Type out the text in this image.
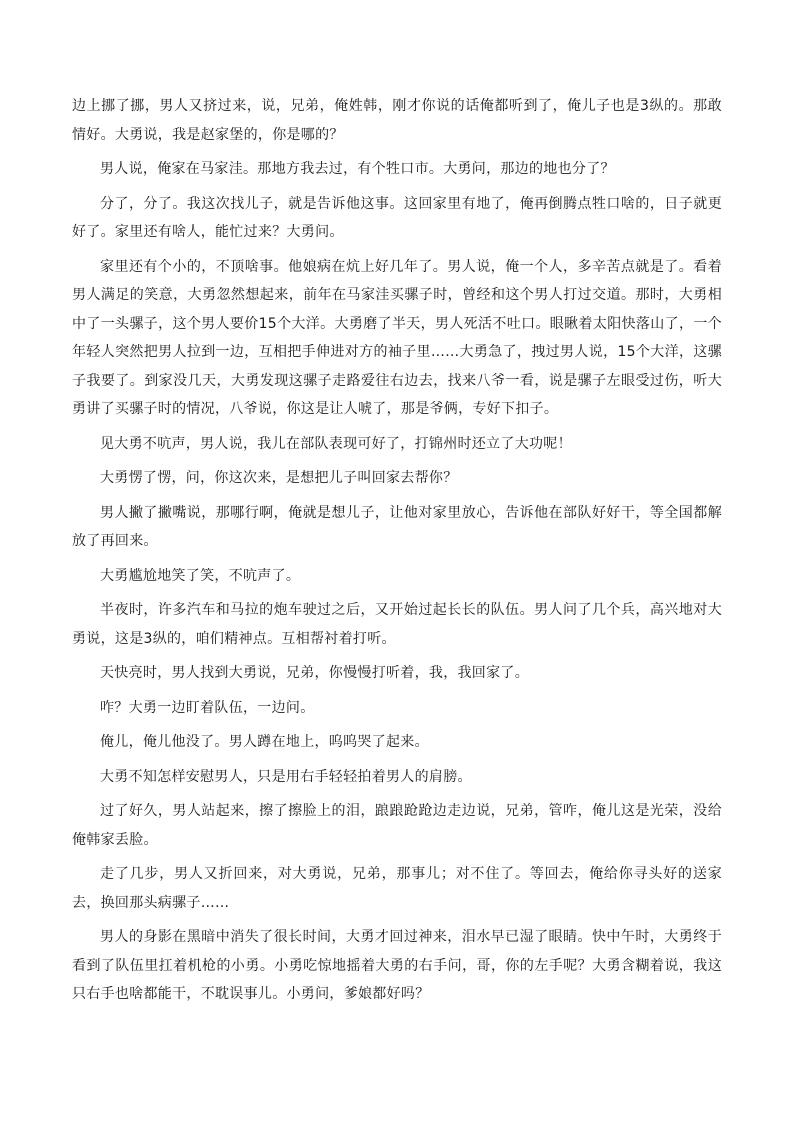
边上挪了挪，男人又挤过来，说，兄弟，俺姓韩，刚才你说的话俺都听到了，俺儿子也是3纵的。那敢情好。大勇说，我是赵家堡的，你是哪的？

男人说，俺家在马家洼。那地方我去过，有个牲口市。大勇问，那边的地也分了？

分了，分了。我这次找儿子，就是告诉他这事。这回家里有地了，俺再倒腾点牲口啥的，日子就更好了。家里还有啥人，能忙过来？大勇问。

家里还有个小的，不顶啥事。他娘病在炕上好几年了。男人说，俺一个人，多辛苦点就是了。看着男人满足的笑意，大勇忽然想起来，前年在马家洼买骡子时，曾经和这个男人打过交道。那时，大勇相中了一头骡子，这个男人要价15个大洋。大勇磨了半天，男人死活不吐口。眼瞅着太阳快落山了，一个年轻人突然把男人拉到一边，互相把手伸进对方的袖子里……大勇急了，拽过男人说，15个大洋，这骡子我要了。到家没几天，大勇发现这骡子走路爱往右边去，找来八爷一看，说是骡子左眼受过伤，听大勇讲了买骡子时的情况，八爷说，你这是让人唬了，那是爷俩，专好下扣子。

见大勇不吭声，男人说，我儿在部队表现可好了，打锦州时还立了大功呢！

大勇愣了愣，问，你这次来，是想把儿子叫回家去帮你？

男人撇了撇嘴说，那哪行啊，俺就是想儿子，让他对家里放心，告诉他在部队好好干，等全国都解放了再回来。

大勇尴尬地笑了笑，不吭声了。

半夜时，许多汽车和马拉的炮车驶过之后，又开始过起长长的队伍。男人问了几个兵，高兴地对大勇说，这是3纵的，咱们精神点。互相帮衬着打听。

天快亮时，男人找到大勇说，兄弟，你慢慢打听着，我，我回家了。

咋？大勇一边盯着队伍，一边问。

俺儿，俺儿他没了。男人蹲在地上，呜呜哭了起来。

大勇不知怎样安慰男人，只是用右手轻轻拍着男人的肩膀。

过了好久，男人站起来，擦了擦脸上的泪，踉踉跄跄边走边说，兄弟，管咋，俺儿这是光荣，没给俺韩家丢脸。

走了几步，男人又折回来，对大勇说，兄弟，那事儿；对不住了。等回去，俺给你寻头好的送家去，换回那头病骡子……

男人的身影在黑暗中消失了很长时间，大勇才回过神来，泪水早已湿了眼睛。快中午时，大勇终于看到了队伍里扛着机枪的小勇。小勇吃惊地摇着大勇的右手问，哥，你的左手呢？大勇含糊着说，我这只右手也啥都能干，不耽误事儿。小勇问，爹娘都好吗？
